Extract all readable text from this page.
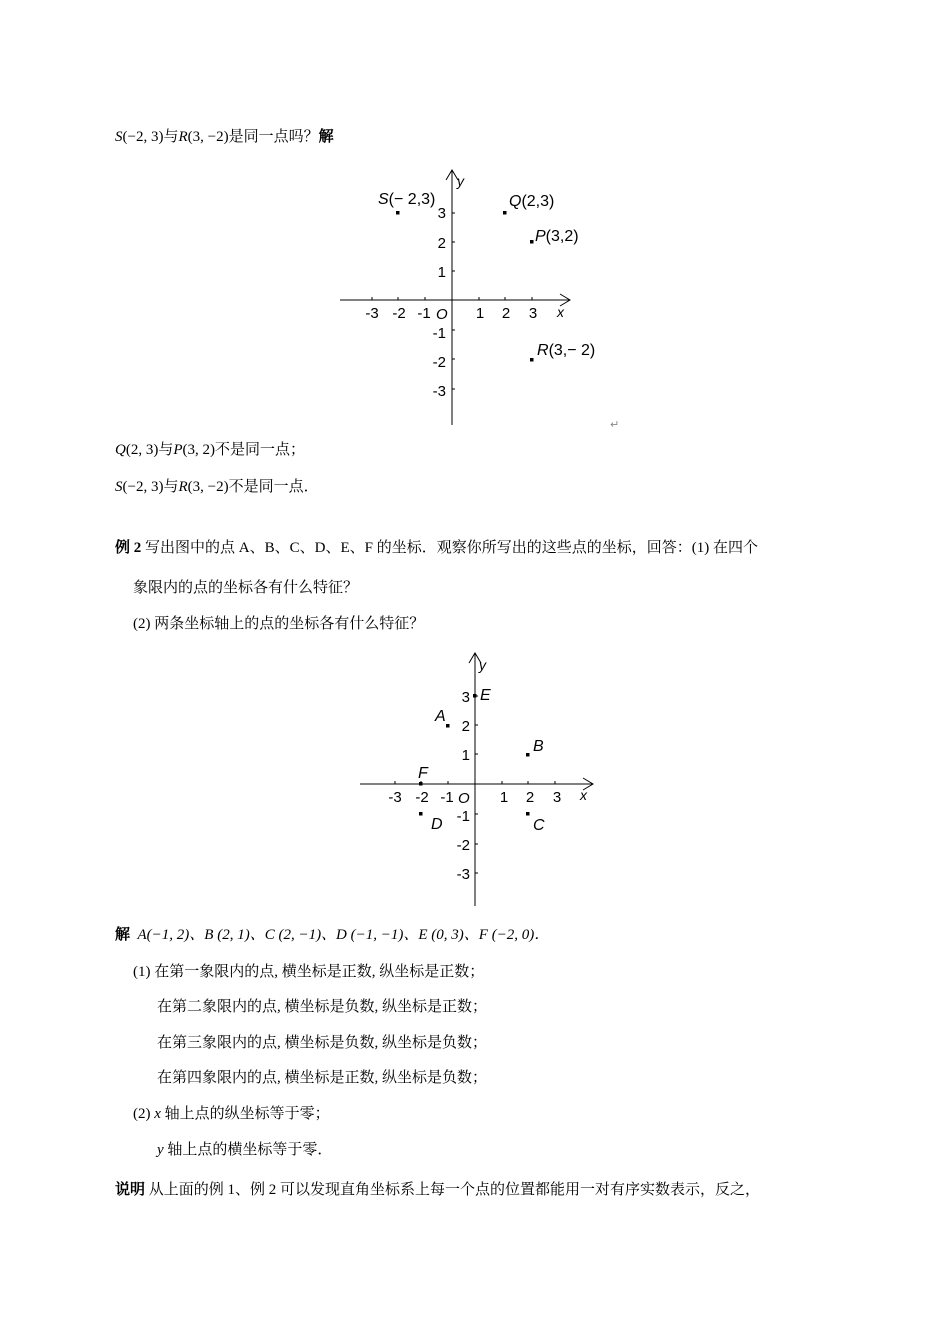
S(−2, 3)与R(3, −2)是同一点吗？解
-3 -2 -1	1 2 3
3
2
1
-1
-2
-3
O	x
y
S(− 2,3)	Q(2,3)
P(3,2)
R(3,− 2)
↵
Q(2, 3)与P(3, 2)不是同一点；
S(−2, 3)与R(3, −2)不是同一点．
例 2 写出图中的点 A、B、C、D、E、F 的坐标．观察你所写出的这些点的坐标，回答：(1) 在四个
象限内的点的坐标各有什么特征？
(2) 两条坐标轴上的点的坐标各有什么特征？
-3 -2 -1	1 2 3
3
2
1
-1
-2
-3
O	x
y
A
B
C
D
E
F
解 A(−1, 2)、B (2, 1)、C (2, −1)、D (−1, −1)、E (0, 3)、F (−2, 0)．
(1) 在第一象限内的点, 横坐标是正数, 纵坐标是正数；
在第二象限内的点, 横坐标是负数, 纵坐标是正数；
在第三象限内的点, 横坐标是负数, 纵坐标是负数；
在第四象限内的点, 横坐标是正数, 纵坐标是负数；
(2) x 轴上点的纵坐标等于零；
y 轴上点的横坐标等于零．
说明 从上面的例 1、例 2 可以发现直角坐标系上每一个点的位置都能用一对有序实数表示，反之，
